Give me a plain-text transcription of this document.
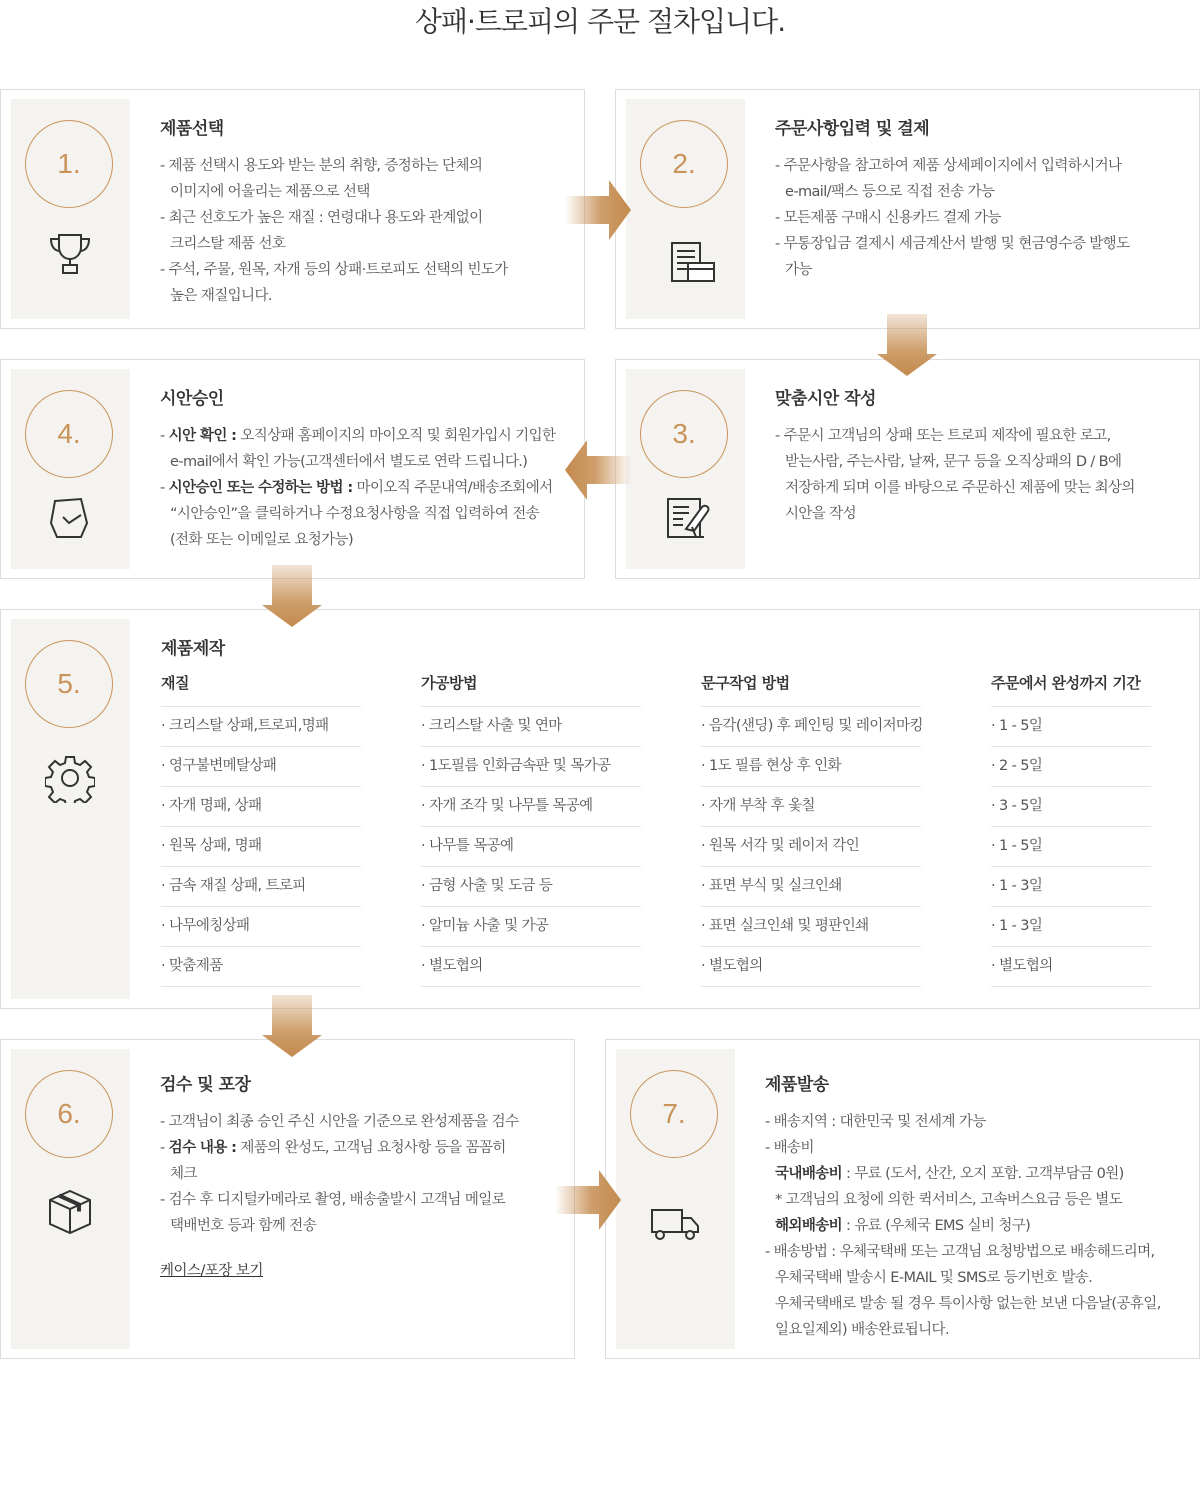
상패·트로피의 주문 절차입니다.
1.
제품선택
- 제품 선택시 용도와 받는 분의 취향, 증정하는 단체의
이미지에 어울리는 제품으로 선택
- 최근 선호도가 높은 재질 : 연령대나 용도와 관계없이
크리스탈 제품 선호
- 주석, 주물, 원목, 자개 등의 상패·트로피도 선택의 빈도가
높은 재질입니다.
2.
주문사항입력 및 결제
- 주문사항을 참고하여 제품 상세페이지에서 입력하시거나
e-mail/팩스 등으로 직접 전송 가능
- 모든제품 구매시 신용카드 결제 가능
- 무통장입금 결제시 세금계산서 발행 및 현금영수증 발행도
가능
4.
시안승인
- 시안 확인 : 오직상패 홈페이지의 마이오직 및 회원가입시 기입한
e-mail에서 확인 가능(고객센터에서 별도로 연락 드립니다.)
- 시안승인 또는 수정하는 방법 : 마이오직 주문내역/배송조회에서
“시안승인”을 클릭하거나 수정요청사항을 직접 입력하여 전송
(전화 또는 이메일로 요청가능)
3.
맞춤시안 작성
- 주문시 고객님의 상패 또는 트로피 제작에 필요한 로고,
받는사람, 주는사람, 날짜, 문구 등을 오직상패의 D / B에
저장하게 되며 이를 바탕으로 주문하신 제품에 맞는 최상의
시안을 작성
5.
제품제작
재질
· 크리스탈 상패,트로피,명패
· 영구불변메탈상패
· 자개 명패, 상패
· 원목 상패, 명패
· 금속 재질 상패, 트로피
· 나무에칭상패
· 맞춤제품
가공방법
· 크리스탈 사출 및 연마
· 1도필름 인화금속판 및 목가공
· 자개 조각 및 나무틀 목공예
· 나무틀 목공예
· 금형 사출 및 도금 등
· 알미늄 사출 및 가공
· 별도협의
문구작업 방법
· 음각(샌딩) 후 페인팅 및 레이저마킹
· 1도 필름 현상 후 인화
· 자개 부착 후 옻칠
· 원목 서각 및 레이저 각인
· 표면 부식 및 실크인쇄
· 표면 실크인쇄 및 평판인쇄
· 별도협의
주문에서 완성까지 기간
· 1 - 5일
· 2 - 5일
· 3 - 5일
· 1 - 5일
· 1 - 3일
· 1 - 3일
· 별도협의
6.
검수 및 포장
- 고객님이 최종 승인 주신 시안을 기준으로 완성제품을 검수
- 검수 내용 : 제품의 완성도, 고객님 요청사항 등을 꼼꼼히
체크
- 검수 후 디지털카메라로 촬영, 배송출발시 고객님 메일로
택배번호 등과 함께 전송
케이스/포장 보기
7.
제품발송
- 배송지역 : 대한민국 및 전세계 가능
- 배송비
국내배송비 : 무료 (도서, 산간, 오지 포함. 고객부담금 0원)
* 고객님의 요청에 의한 퀵서비스, 고속버스요금 등은 별도
해외배송비 : 유료 (우체국 EMS 실비 청구)
- 배송방법 : 우체국택배 또는 고객님 요청방법으로 배송해드리며,
우체국택배 발송시 E-MAIL 및 SMS로 등기번호 발송.
우체국택배로 발송 될 경우 특이사항 없는한 보낸 다음날(공휴일,
일요일제외) 배송완료됩니다.
